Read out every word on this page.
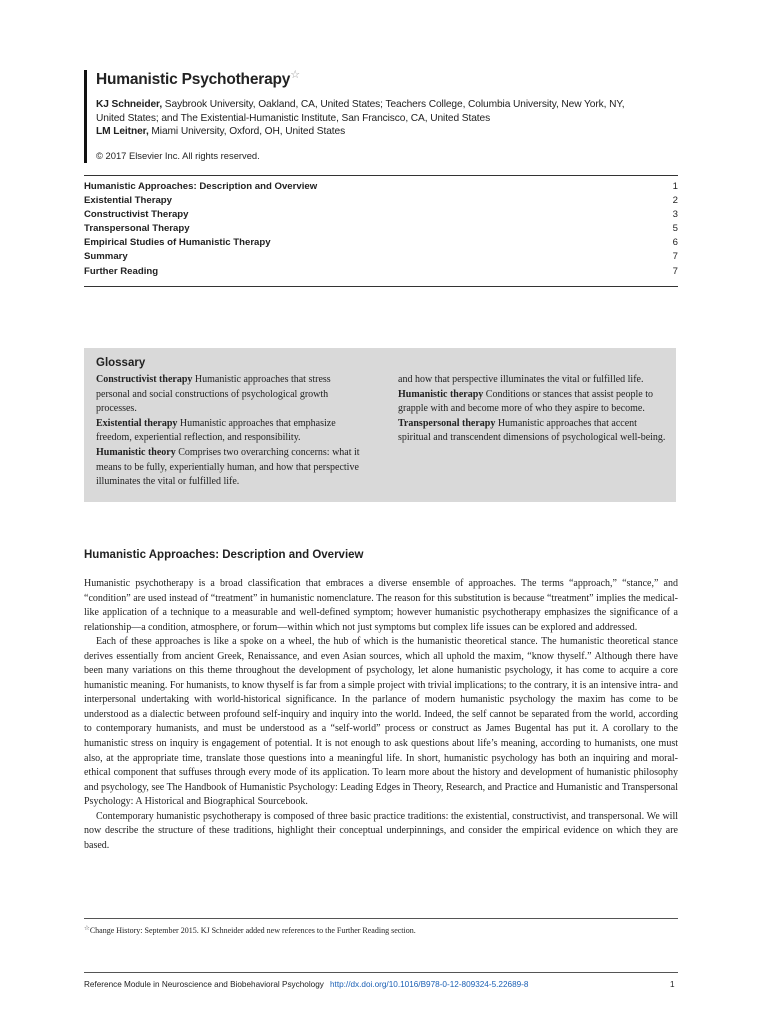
Humanistic Psychotherapy☆
KJ Schneider, Saybrook University, Oakland, CA, United States; Teachers College, Columbia University, New York, NY, United States; and The Existential-Humanistic Institute, San Francisco, CA, United States
LM Leitner, Miami University, Oxford, OH, United States
© 2017 Elsevier Inc. All rights reserved.
Humanistic Approaches: Description and Overview	1
Existential Therapy	2
Constructivist Therapy	3
Transpersonal Therapy	5
Empirical Studies of Humanistic Therapy	6
Summary	7
Further Reading	7
Glossary

Constructivist therapy Humanistic approaches that stress personal and social constructions of psychological growth processes.

Existential therapy Humanistic approaches that emphasize freedom, experiential reflection, and responsibility.

Humanistic theory Comprises two overarching concerns: what it means to be fully, experientially human, and how that perspective illuminates the vital or fulfilled life.

and how that perspective illuminates the vital or fulfilled life.

Humanistic therapy Conditions or stances that assist people to grapple with and become more of who they aspire to become.

Transpersonal therapy Humanistic approaches that accent spiritual and transcendent dimensions of psychological well-being.

Humanistic Approaches: Description and Overview

Humanistic psychotherapy is a broad classification that embraces a diverse ensemble of approaches. The terms “approach,” “stance,” and “condition” are used instead of “treatment” in humanistic nomenclature. The reason for this substitution is because “treatment” implies the medical-like application of a technique to a measurable and well-defined symptom; however humanistic psychotherapy emphasizes the significance of a relationship—a condition, atmosphere, or forum—within which not just symptoms but complex life issues can be explored and addressed.

Each of these approaches is like a spoke on a wheel, the hub of which is the humanistic theoretical stance. The humanistic theoretical stance derives essentially from ancient Greek, Renaissance, and even Asian sources, which all uphold the maxim, “know thyself.” Although there have been many variations on this theme throughout the development of psychology, let alone humanistic psychology, it has come to acquire a core humanistic meaning. For humanists, to know thyself is far from a simple project with trivial implications; to the contrary, it is an intensive intra- and interpersonal undertaking with world-historical significance. In the parlance of modern humanistic psychology the maxim has come to be understood as a dialectic between profound self-inquiry and inquiry into the world. Indeed, the self cannot be separated from the world, according to contemporary humanists, and must be understood as a “self-world” process or construct as James Bugental has put it. A corollary to the humanistic stress on inquiry is engagement of potential. It is not enough to ask questions about life’s meaning, according to humanists, one must also, at the appropriate time, translate those questions into a meaningful life. In short, humanistic psychology has both an inquiring and moral-ethical component that suffuses through every mode of its application. To learn more about the history and development of humanistic philosophy and psychology, see The Handbook of Humanistic Psychology: Leading Edges in Theory, Research, and Practice and Humanistic and Transpersonal Psychology: A Historical and Biographical Sourcebook.

Contemporary humanistic psychotherapy is composed of three basic practice traditions: the existential, constructivist, and transpersonal. We will now describe the structure of these traditions, highlight their conceptual underpinnings, and consider the empirical evidence on which they are based.

☆Change History: September 2015. KJ Schneider added new references to the Further Reading section.
Reference Module in Neuroscience and Biobehavioral Psychology http://dx.doi.org/10.1016/B978-0-12-809324-5.22689-8	1
